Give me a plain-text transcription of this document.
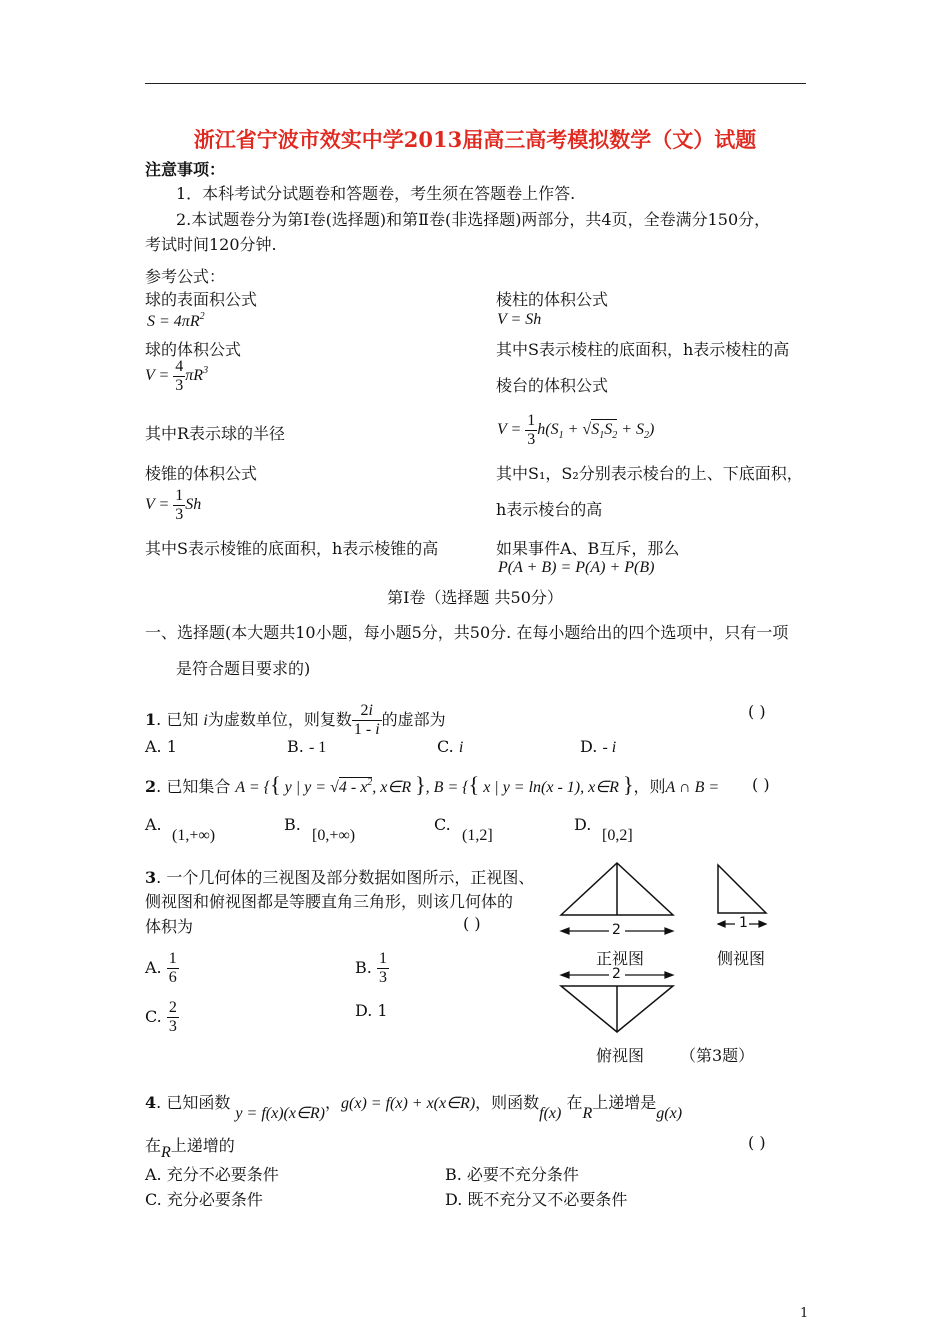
浙江省宁波市效实中学2013届高三高考模拟数学（文）试题
注意事项：
1．本科考试分试题卷和答题卷，考生须在答题卷上作答.
2.本试题卷分为第Ⅰ卷(选择题)和第Ⅱ卷(非选择题)两部分，共4页，全卷满分150分，
考试时间120分钟.
参考公式：
球的表面积公式
$S = 4\pi R^2$
棱柱的体积公式
V = Sh
球的体积公式	其中S表示棱柱的底面积，h表示棱柱的高
$V = \frac{4}{3} \pi R^3$
棱台的体积公式
其中R表示球的半径	$V = \frac{1}{3} h(S_1 + √S_1S_2 + S_2)$
棱锥的体积公式	其中S₁，S₂分别表示棱台的上、下底面积，
$V = \frac{1}{3}$ Sh	h表示棱台的高
其中S表示棱锥的底面积，h表示棱锥的高	如果事件A、B互斥，那么
P(A + B) = P(A) + P(B)
第Ⅰ卷（选择题 共50分）
一、选择题(本大题共10小题，每小题5分，共50分. 在每小题给出的四个选项中，只有一项
是符合题目要求的)
1. 已知 i为虚数单位，则复数 $\frac{2i}{1 - i}$ 的虚部为	( )
A. 1	B. - 1	C. i	D. - i
2. 已知集合 A = {{ y | $y = √4 - x^2$, x∈R }, B = {{ x | y = ln(x - 1), x∈R }，则A ∩ B = ( )
A.
(1,+∞)
B.
[0,+∞)
C.
(1,2]
D.
[0,2]
3. 一个几何体的三视图及部分数据如图所示，正视图、
侧视图和俯视图都是等腰直角三角形，则该几何体的
体积为	( )
A. $\frac{1}{6}$	B. $\frac{1}{3}$
C. $\frac{2}{3}$	D. 1
2	1
2
正视图	侧视图
俯视图 （第3题）
4. 已知函数 y = f(x)(x∈R)，g(x) = f(x) + x(x∈R)，则函数f(x) 在R上递增是g(x)
在R上递增的	( )
A. 充分不必要条件	B. 必要不充分条件
C. 充分必要条件	D. 既不充分又不必要条件
1
